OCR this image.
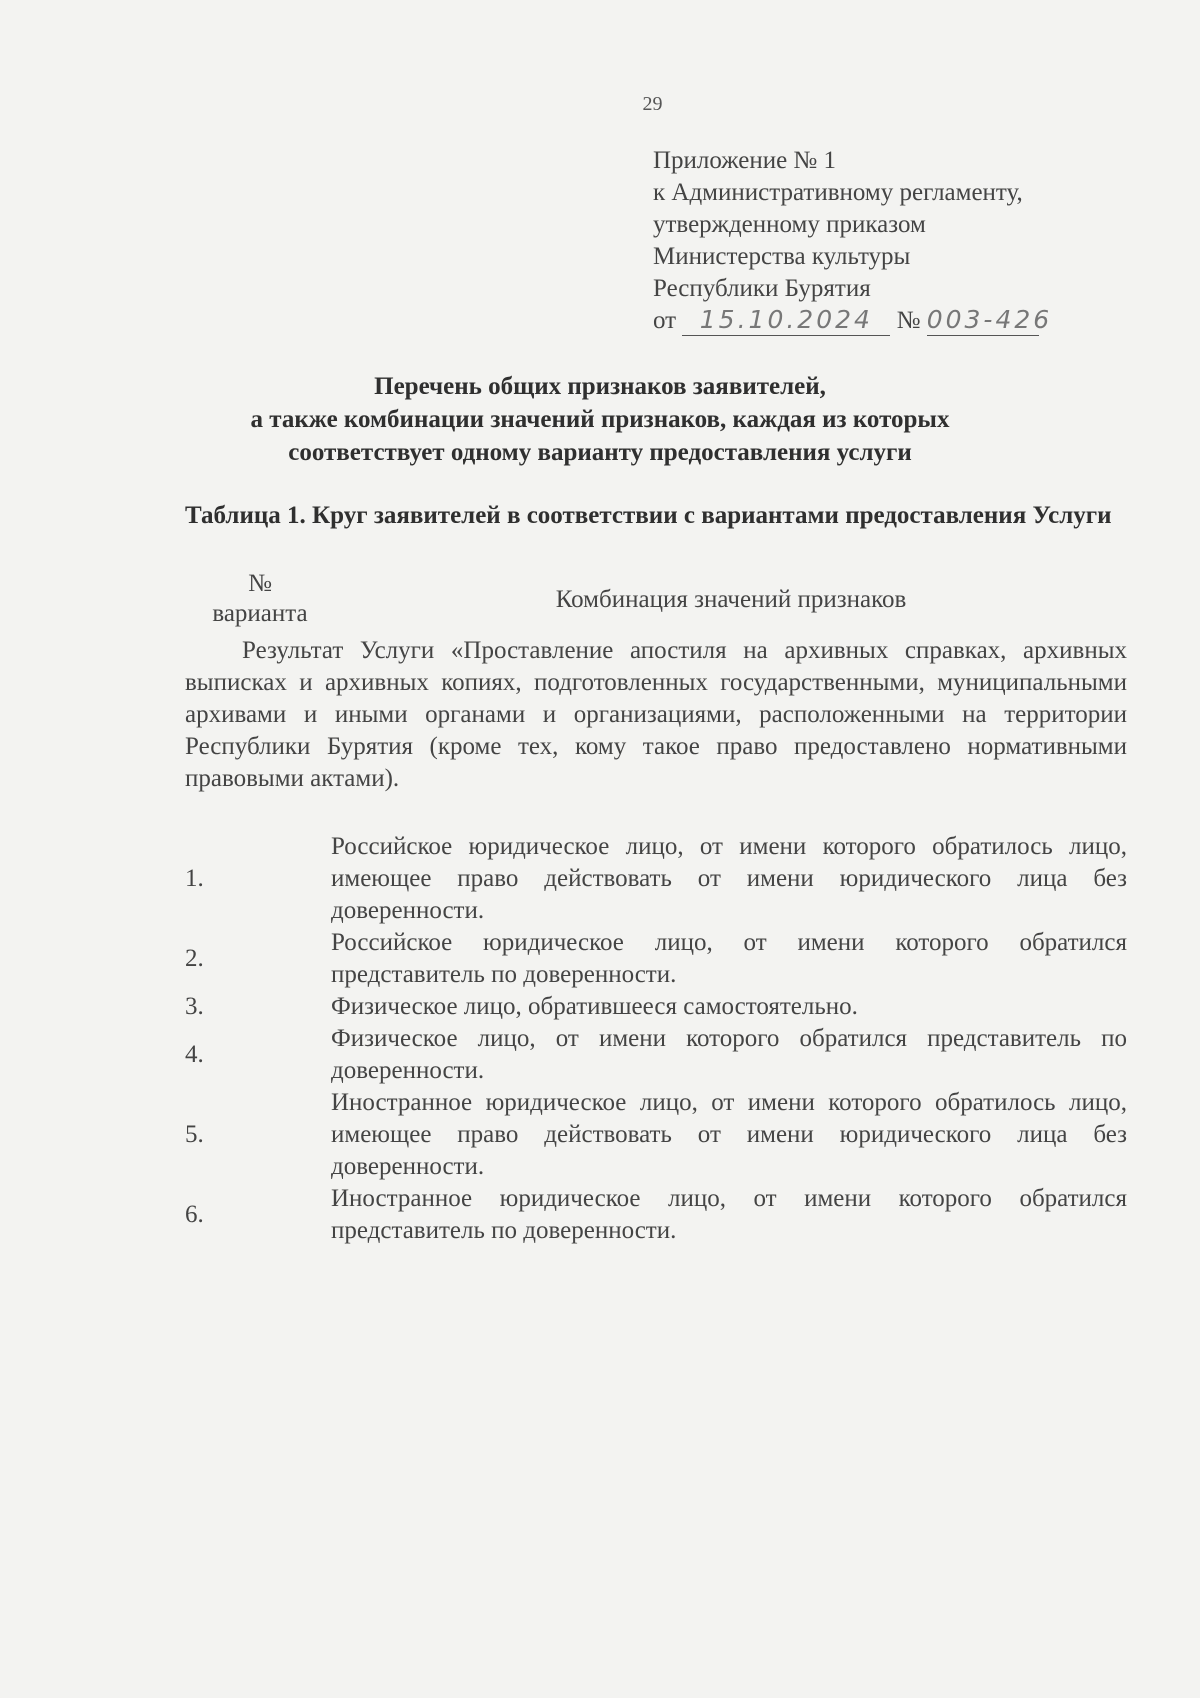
29
Приложение № 1
к Административному регламенту,
утвержденному приказом
Министерства культуры
Республики Бурятия
от 15.10.2024 № 003-426
Перечень общих признаков заявителей,
а также комбинации значений признаков, каждая из которых
соответствует одному варианту предоставления услуги
Таблица 1. Круг заявителей в соответствии с вариантами предоставления Услуги
№
варианта
Комбинация значений признаков
Результат Услуги «Проставление апостиля на архивных справках, архивных выписках и архивных копиях, подготовленных государственными, муниципальными архивами и иными органами и организациями, расположенными на территории Республики Бурятия (кроме тех, кому такое право предоставлено нормативными правовыми актами).
1.
Российское юридическое лицо, от имени которого обратилось лицо, имеющее право действовать от имени юридического лица без доверенности.
2.
Российское юридическое лицо, от имени которого обратился представитель по доверенности.
3.	Физическое лицо, обратившееся самостоятельно.
4.
Физическое лицо, от имени которого обратился представитель по доверенности.
5.
Иностранное юридическое лицо, от имени которого обратилось лицо, имеющее право действовать от имени юридического лица без доверенности.
6.
Иностранное юридическое лицо, от имени которого обратился представитель по доверенности.
